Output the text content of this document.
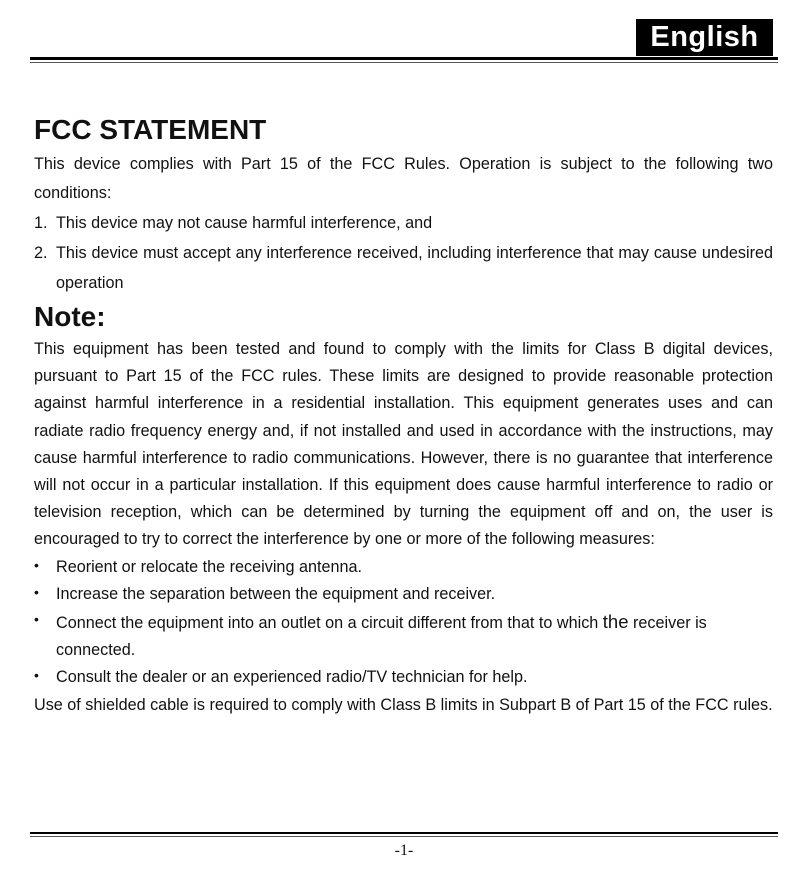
English
FCC STATEMENT

This device complies with Part 15 of the FCC Rules. Operation is subject to the following two conditions:

1. This device may not cause harmful interference, and
2. This device must accept any interference received, including interference that may cause undesired operation
Note:

This equipment has been tested and found to comply with the limits for Class B digital devices, pursuant to Part 15 of the FCC rules. These limits are designed to provide reasonable protection against harmful interference in a residential installation. This equipment generates uses and can radiate radio frequency energy and, if not installed and used in accordance with the instructions, may cause harmful interference to radio communications. However, there is no guarantee that interference will not occur in a particular installation. If this equipment does cause harmful interference to radio or television reception, which can be determined by turning the equipment off and on, the user is encouraged to try to correct the interference by one or more of the following measures:

• Reorient or relocate the receiving antenna.
• Increase the separation between the equipment and receiver.
• Connect the equipment into an outlet on a circuit different from that to which the receiver is connected.
• Consult the dealer or an experienced radio/TV technician for help.

Use of shielded cable is required to comply with Class B limits in Subpart B of Part 15 of the FCC rules.

-1-
